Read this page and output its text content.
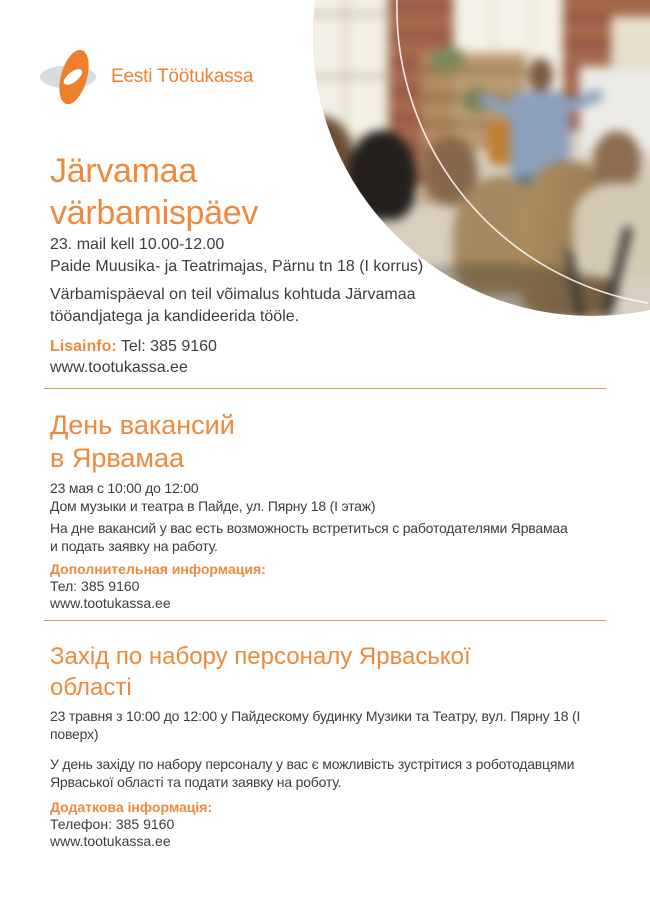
Eesti Töötukassa
Järvamaa
värbamispäev
23. mail kell 10.00-12.00
Paide Muusika- ja Teatrimajas, Pärnu tn 18 (I korrus)

Värbamispäeval on teil võimalus kohtuda Järvamaa
tööandjatega ja kandideerida tööle.

Lisainfo: Tel: 385 9160
www.tootukassa.ee
День вакансий
в Ярвамаа
23 мая с 10:00 до 12:00
Дом музыки и театра в Пайде, ул. Пярну 18 (I этаж)

На дне вакансий у вас есть возможность встретиться с работодателями Ярвамаа
и подать заявку на работу.

Дополнительная информация:
Тел: 385 9160
www.tootukassa.ee
Захід по набору персоналу Ярваської
області
23 травня з 10:00 до 12:00 у Пайдескому будинку Музики та Театру, вул. Пярну 18 (I поверх)

У день західу по набору персоналу у вас є можливість зустрітися з роботодавцями
Ярваської області та подати заявку на роботу.

Додаткова інформація:
Телефон: 385 9160
www.tootukassa.ee
